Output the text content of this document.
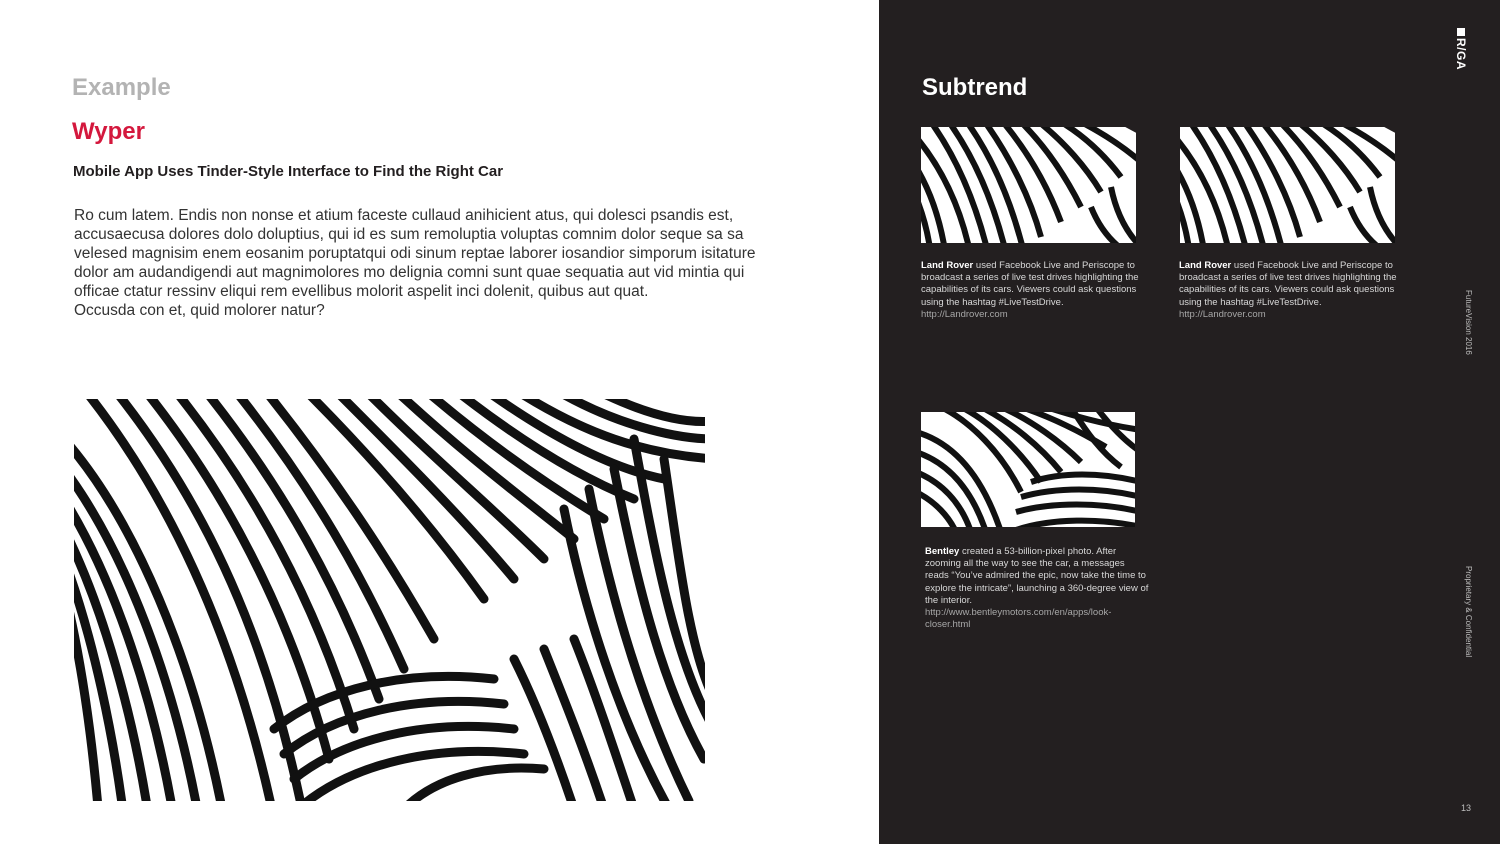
Example
Wyper
Mobile App Uses Tinder-Style Interface to Find the Right Car

Ro cum latem. Endis non nonse et atium faceste cullaud anihicient atus, qui dolesci psandis est,

accusaecusa dolores dolo doluptius, qui id es sum remoluptia voluptas comnim dolor seque sa sa

velesed magnisim enem eosanim poruptatqui odi sinum reptae laborer iosandior simporum isitature

dolor am audandigendi aut magnimolores mo delignia comni sunt quae sequatia aut vid mintia qui

officae ctatur ressinv eliqui rem evellibus molorit aspelit inci dolenit, quibus aut quat.

Occusda con et, quid molorer natur?

Subtrend
Land Rover used Facebook Live and Periscope to broadcast a series of live test drives highlighting the capabilities of its cars. Viewers could ask questions using the hashtag #LiveTestDrive.
http://Landrover.com
Land Rover used Facebook Live and Periscope to broadcast a series of live test drives highlighting the capabilities of its cars. Viewers could ask questions using the hashtag #LiveTestDrive.
http://Landrover.com
Bentley created a 53-billion-pixel photo. After zooming all the way to see the car, a messages reads “You’ve admired the epic, now take the time to explore the intricate”, launching a 360-degree view of the interior.
http://www.bentleymotors.com/en/apps/look-closer.html
R/GA
FutureVision 2016
Proprietary & Confidential
13
